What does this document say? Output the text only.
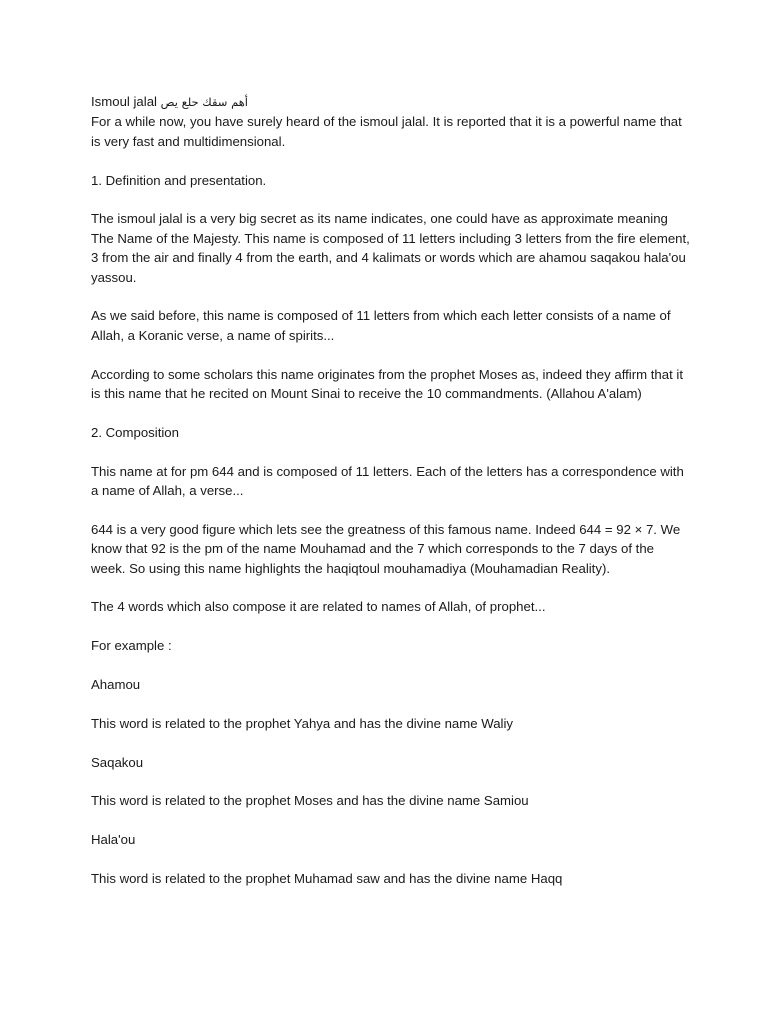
Ismoul jalal أهم سقك حلع يص

For a while now, you have surely heard of the ismoul jalal. It is reported that it is a powerful name that is very fast and multidimensional.

1. Definition and presentation.

The ismoul jalal is a very big secret as its name indicates, one could have as approximate meaning The Name of the Majesty. This name is composed of 11 letters including 3 letters from the fire element, 3 from the air and finally 4 from the earth, and 4 kalimats or words which are ahamou saqakou hala'ou yassou.

As we said before, this name is composed of 11 letters from which each letter consists of a name of Allah, a Koranic verse, a name of spirits...

According to some scholars this name originates from the prophet Moses as, indeed they affirm that it is this name that he recited on Mount Sinai to receive the 10 commandments. (Allahou A'alam)

2. Composition

This name at for pm 644 and is composed of 11 letters. Each of the letters has a correspondence with a name of Allah, a verse...

644 is a very good figure which lets see the greatness of this famous name. Indeed 644 = 92 × 7. We know that 92 is the pm of the name Mouhamad and the 7 which corresponds to the 7 days of the week. So using this name highlights the haqiqtoul mouhamadiya (Mouhamadian Reality).

The 4 words which also compose it are related to names of Allah, of prophet...

For example :

Ahamou

This word is related to the prophet Yahya and has the divine name Waliy

Saqakou

This word is related to the prophet Moses and has the divine name Samiou

Hala'ou

This word is related to the prophet Muhamad saw and has the divine name Haqq
